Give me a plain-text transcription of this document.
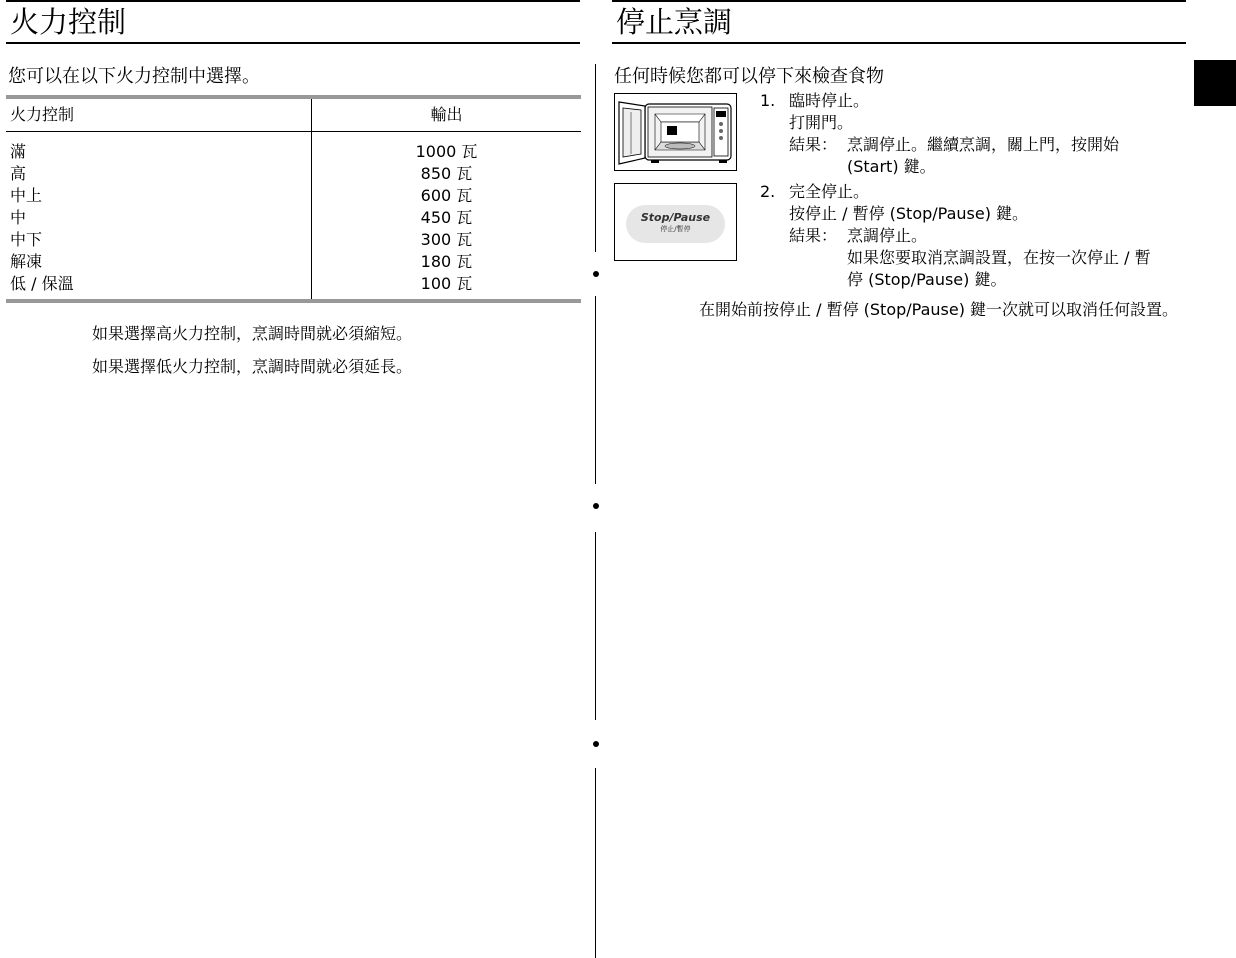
火力控制
您可以在以下火力控制中選擇。
火力控制	輸出
滿
高
中上
中
中下
解凍
低 / 保溫
1000 瓦
850 瓦
600 瓦
450 瓦
300 瓦
180 瓦
100 瓦
如果選擇高火力控制，烹調時間就必須縮短。
如果選擇低火力控制，烹調時間就必須延長。
停止烹調
任何時候您都可以停下來檢查食物
Stop/Pause
停止/暫停
1. 臨時停止。
打開門。
結果： 烹調停止。繼續烹調，關上門，按開始
(Start) 鍵。
2. 完全停止。
按停止 / 暫停 (Stop/Pause) 鍵。
結果： 烹調停止。
如果您要取消烹調設置，在按一次停止 / 暫
停 (Stop/Pause) 鍵。
在開始前按停止 / 暫停 (Stop/Pause) 鍵一次就可以取消任何設置。
